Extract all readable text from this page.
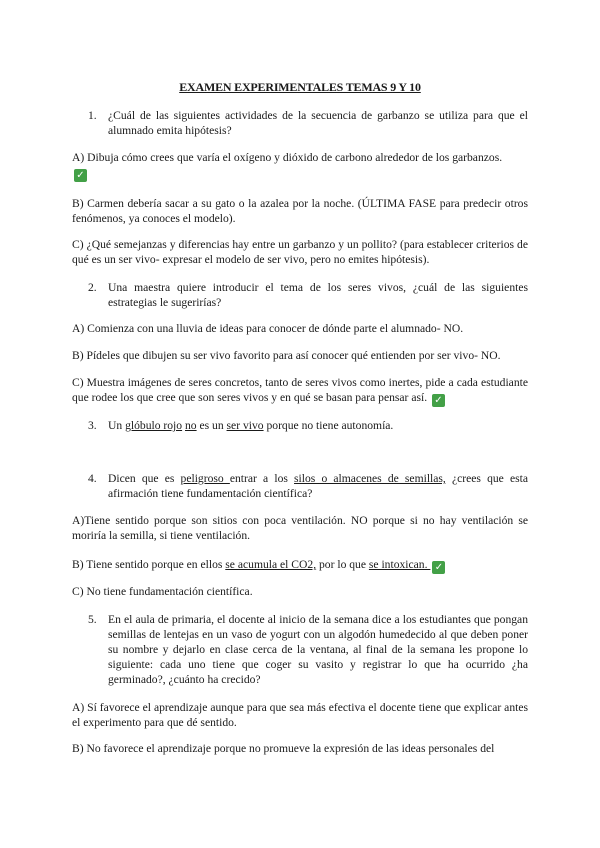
EXAMEN EXPERIMENTALES TEMAS 9 Y 10
1. ¿Cuál de las siguientes actividades de la secuencia de garbanzo se utiliza para que el alumnado emita hipótesis?
A) Dibuja cómo crees que varía el oxígeno y dióxido de carbono alrededor de los garbanzos.
✓
B) Carmen debería sacar a su gato o la azalea por la noche. (ÚLTIMA FASE para predecir otros fenómenos, ya conoces el modelo).
C) ¿Qué semejanzas y diferencias hay entre un garbanzo y un pollito? (para establecer criterios de qué es un ser vivo- expresar el modelo de ser vivo, pero no emites hipótesis).
2. Una maestra quiere introducir el tema de los seres vivos, ¿cuál de las siguientes estrategias le sugerirías?
A) Comienza con una lluvia de ideas para conocer de dónde parte el alumnado- NO.
B) Pídeles que dibujen su ser vivo favorito para así conocer qué entienden por ser vivo- NO.
C) Muestra imágenes de seres concretos, tanto de seres vivos como inertes, pide a cada estudiante que rodee los que cree que son seres vivos y en qué se basan para pensar así. ✓
3. Un glóbulo rojo no es un ser vivo porque no tiene autonomía.
4. Dicen que es peligroso entrar a los silos o almacenes de semillas, ¿crees que esta afirmación tiene fundamentación científica?
A)Tiene sentido porque son sitios con poca ventilación. NO porque si no hay ventilación se moriría la semilla, si tiene ventilación.
B) Tiene sentido porque en ellos se acumula el CO2, por lo que se intoxican. ✓
C) No tiene fundamentación científica.
5. En el aula de primaria, el docente al inicio de la semana dice a los estudiantes que pongan semillas de lentejas en un vaso de yogurt con un algodón humedecido al que deben poner su nombre y dejarlo en clase cerca de la ventana, al final de la semana les propone lo siguiente: cada uno tiene que coger su vasito y registrar lo que ha ocurrido ¿ha germinado?, ¿cuánto ha crecido?
A) Sí favorece el aprendizaje aunque para que sea más efectiva el docente tiene que explicar antes el experimento para que dé sentido.
B) No favorece el aprendizaje porque no promueve la expresión de las ideas personales del
